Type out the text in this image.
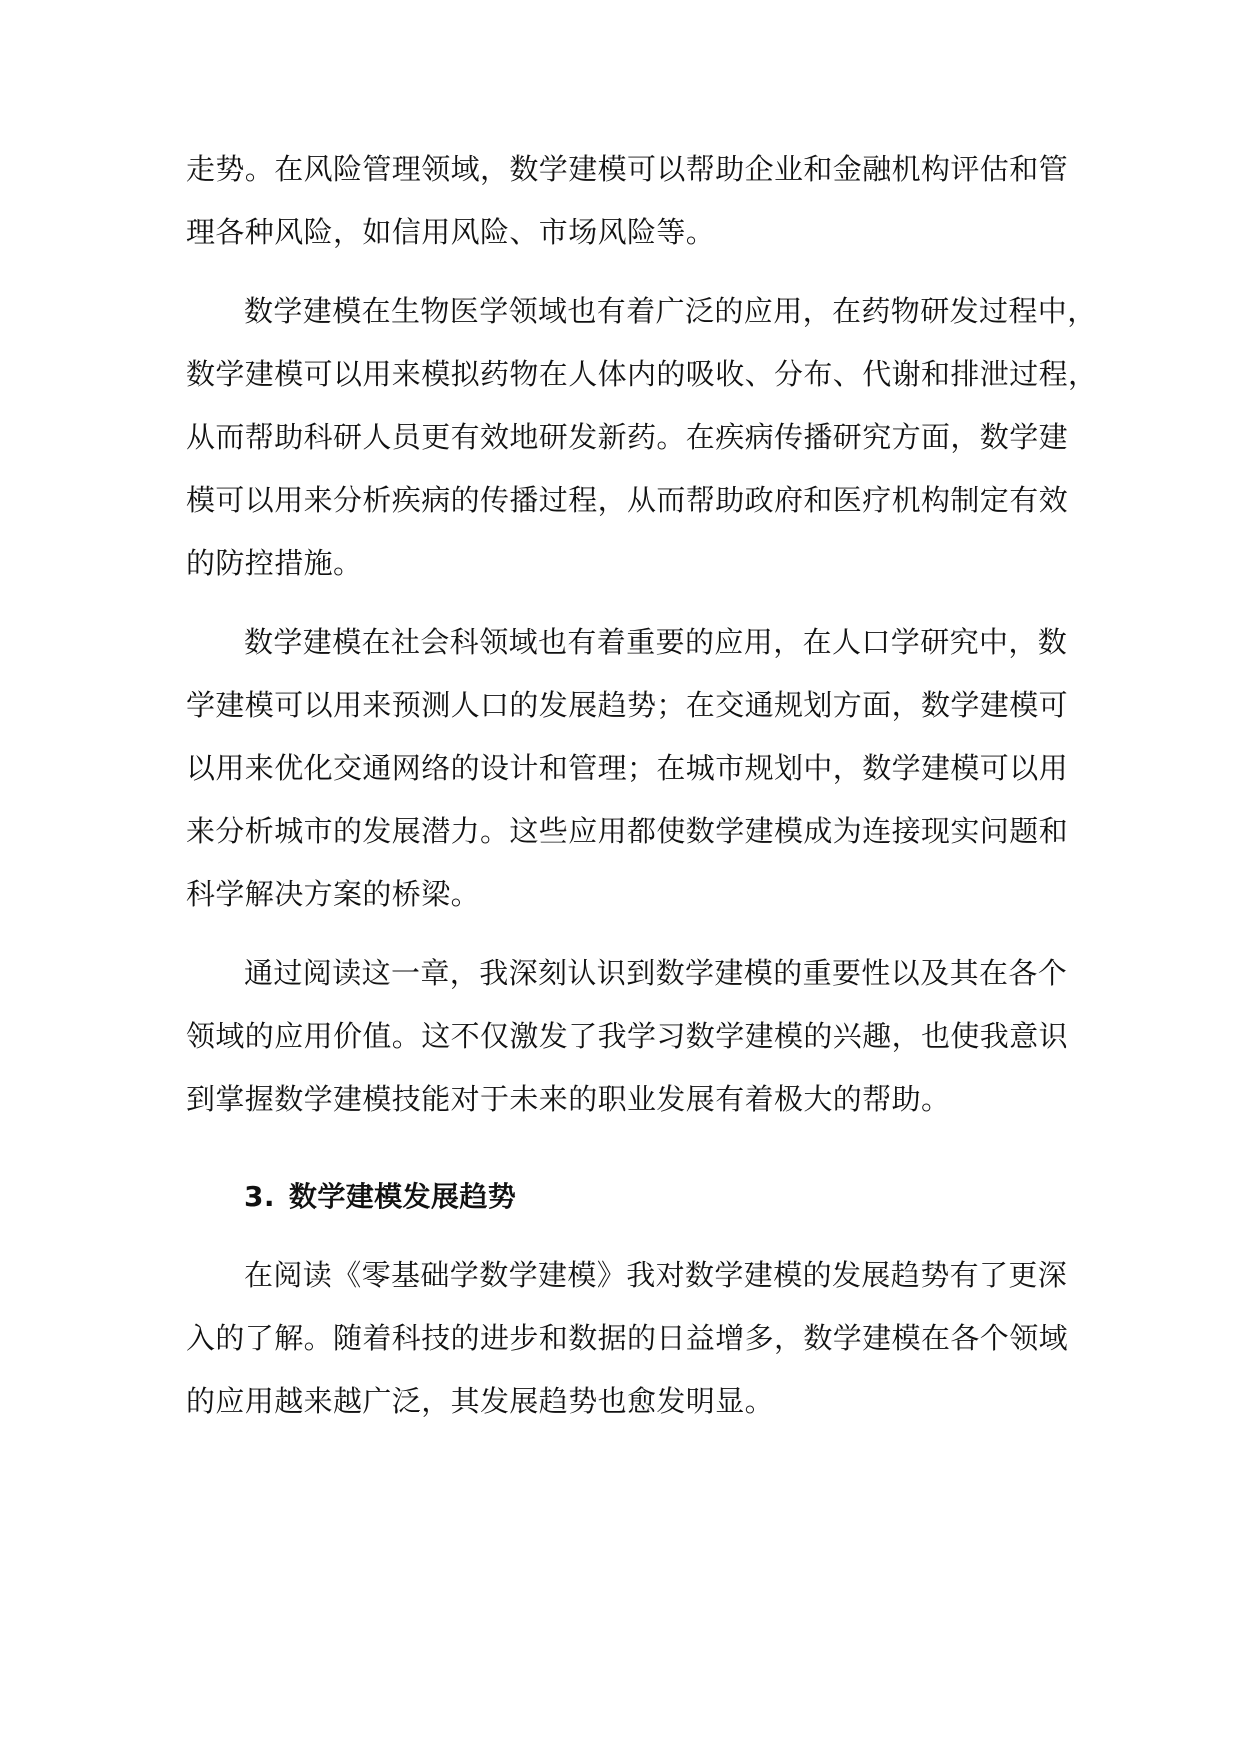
走势。在风险管理领域，数学建模可以帮助企业和金融机构评估和管
理各种风险，如信用风险、市场风险等。

数学建模在生物医学领域也有着广泛的应用，在药物研发过程中，
数学建模可以用来模拟药物在人体内的吸收、分布、代谢和排泄过程，
从而帮助科研人员更有效地研发新药。在疾病传播研究方面，数学建
模可以用来分析疾病的传播过程，从而帮助政府和医疗机构制定有效
的防控措施。

数学建模在社会科领域也有着重要的应用，在人口学研究中，数
学建模可以用来预测人口的发展趋势；在交通规划方面，数学建模可
以用来优化交通网络的设计和管理；在城市规划中，数学建模可以用
来分析城市的发展潜力。这些应用都使数学建模成为连接现实问题和
科学解决方案的桥梁。

通过阅读这一章，我深刻认识到数学建模的重要性以及其在各个
领域的应用价值。这不仅激发了我学习数学建模的兴趣，也使我意识
到掌握数学建模技能对于未来的职业发展有着极大的帮助。

3. 数学建模发展趋势

在阅读《零基础学数学建模》我对数学建模的发展趋势有了更深
入的了解。随着科技的进步和数据的日益增多，数学建模在各个领域
的应用越来越广泛，其发展趋势也愈发明显。
